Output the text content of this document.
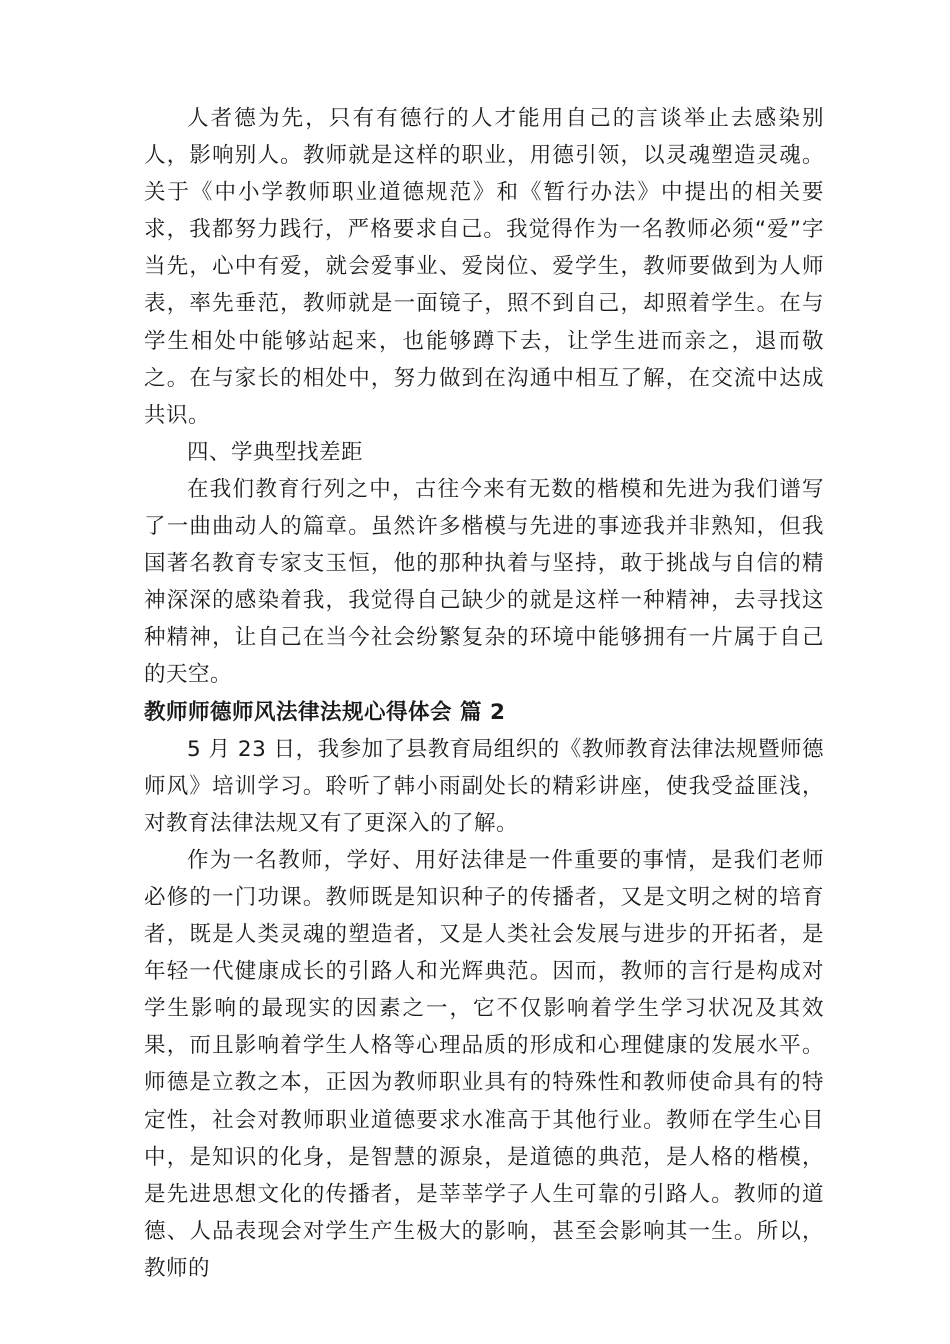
人者德为先，只有有德行的人才能用自己的言谈举止去感染别人，影响别人。教师就是这样的职业，用德引领，以灵魂塑造灵魂。关于《中小学教师职业道德规范》和《暂行办法》中提出的相关要求，我都努力践行，严格要求自己。我觉得作为一名教师必须“爱”字当先，心中有爱，就会爱事业、爱岗位、爱学生，教师要做到为人师表，率先垂范，教师就是一面镜子，照不到自己，却照着学生。在与学生相处中能够站起来，也能够蹲下去，让学生进而亲之，退而敬之。在与家长的相处中，努力做到在沟通中相互了解，在交流中达成共识。

四、学典型找差距

在我们教育行列之中，古往今来有无数的楷模和先进为我们谱写了一曲曲动人的篇章。虽然许多楷模与先进的事迹我并非熟知，但我国著名教育专家支玉恒，他的那种执着与坚持，敢于挑战与自信的精神深深的感染着我，我觉得自己缺少的就是这样一种精神，去寻找这种精神，让自己在当今社会纷繁复杂的环境中能够拥有一片属于自己的天空。

教师师德师风法律法规心得体会 篇 2

5 月 23 日，我参加了县教育局组织的《教师教育法律法规暨师德师风》培训学习。聆听了韩小雨副处长的精彩讲座，使我受益匪浅，对教育法律法规又有了更深入的了解。

作为一名教师，学好、用好法律是一件重要的事情，是我们老师必修的一门功课。教师既是知识种子的传播者，又是文明之树的培育者，既是人类灵魂的塑造者，又是人类社会发展与进步的开拓者，是年轻一代健康成长的引路人和光辉典范。因而，教师的言行是构成对学生影响的最现实的因素之一，它不仅影响着学生学习状况及其效果，而且影响着学生人格等心理品质的形成和心理健康的发展水平。师德是立教之本，正因为教师职业具有的特殊性和教师使命具有的特定性，社会对教师职业道德要求水准高于其他行业。教师在学生心目中，是知识的化身，是智慧的源泉，是道德的典范，是人格的楷模，是先进思想文化的传播者，是莘莘学子人生可靠的引路人。教师的道德、人品表现会对学生产生极大的影响，甚至会影响其一生。所以，教师的
